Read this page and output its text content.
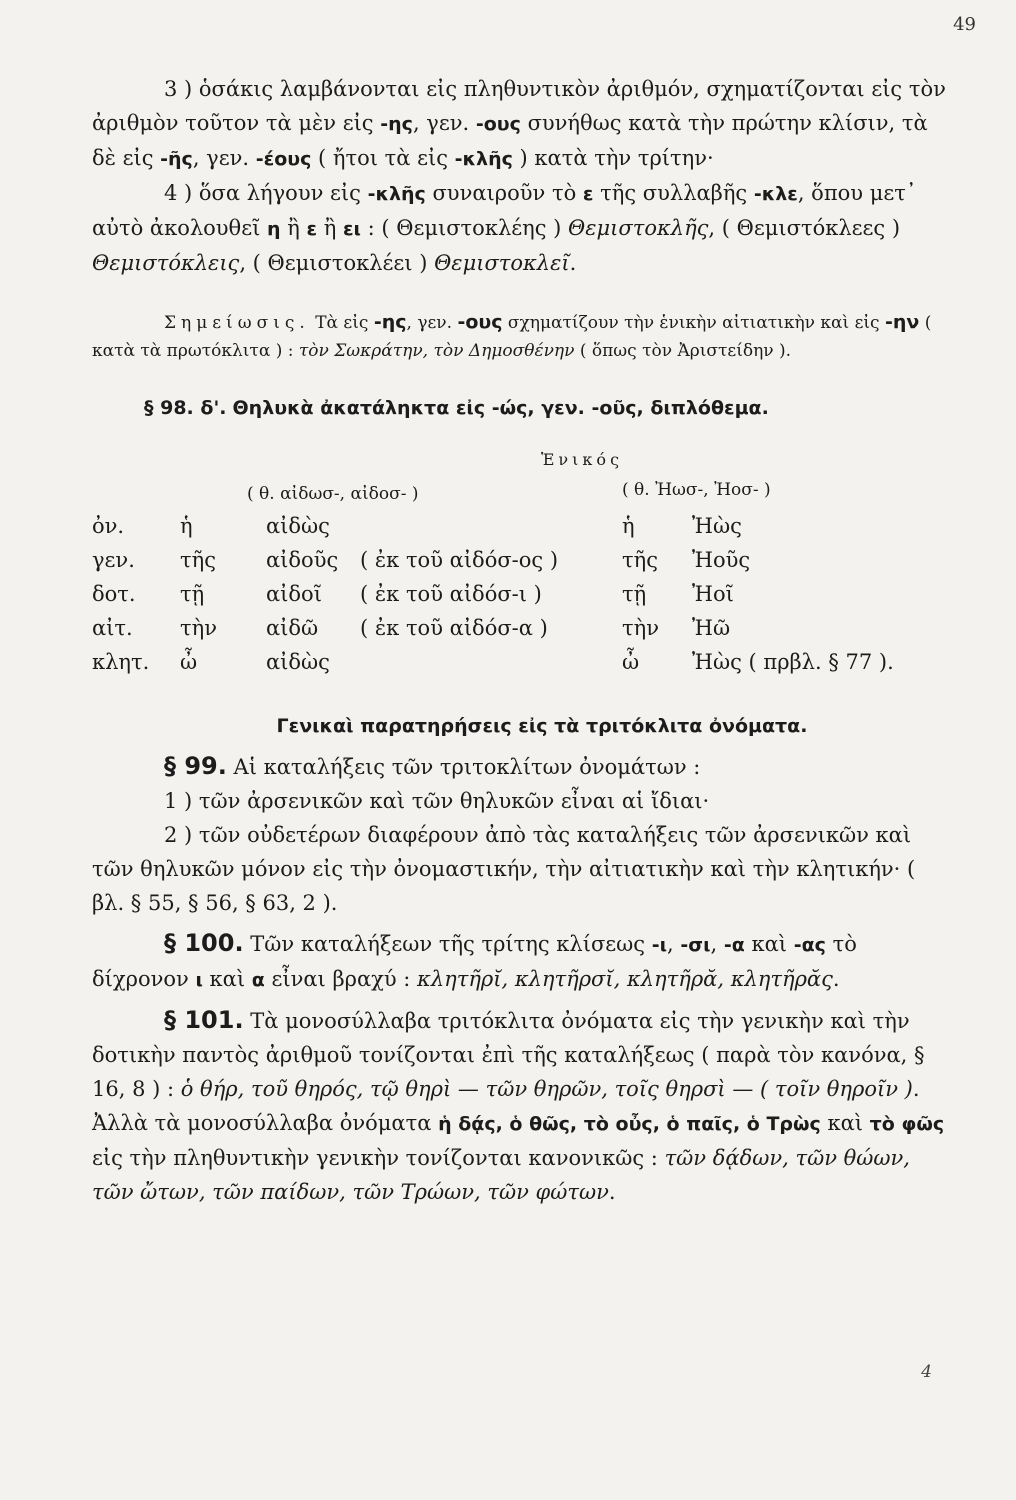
49

3 ) ὁσάκις λαμβάνονται εἰς πληθυντικὸν ἀριθμόν, σχηματίζονται εἰς τὸν ἀριθμὸν τοῦτον τὰ μὲν εἰς -ης, γεν. -ους συνήθως κατὰ τὴν πρώτην κλίσιν, τὰ δὲ εἰς -ῆς, γεν. -έους ( ἤτοι τὰ εἰς -κλῆς ) κατὰ τὴν τρίτην·

4 ) ὅσα λήγουν εἰς -κλῆς συναιροῦν τὸ ε τῆς συλλαβῆς -κλε, ὅπου μετ᾽ αὐτὸ ἀκολουθεῖ η ἢ ε ἢ ει : ( Θεμιστοκλέης ) Θεμιστοκλῆς, ( Θεμιστόκλεες ) Θεμιστόκλεις, ( Θεμιστοκλέει ) Θεμιστοκλεῖ.

Σημείωσις. Τὰ εἰς -ης, γεν. -ους σχηματίζουν τὴν ἑνικὴν αἰτιατικὴν καὶ εἰς -ην ( κατὰ τὰ πρωτόκλιτα ) : τὸν Σωκράτην, τὸν Δημοσθένην ( ὅπως τὸν Ἀριστείδην ).

§ 98. δ'. Θηλυκὰ ἀκατάληκτα εἰς -ώς, γεν. -οῦς, διπλόθεμα.

Ἑνικός
( θ. αἰδωσ-, αἰδοσ- )	( θ. Ἠωσ-, Ἠοσ- )
ὀν.	ἡ	αἰδὼς		ἡ	Ἠὼς
γεν.	τῆς	αἰδοῦς	( ἐκ τοῦ αἰδόσ-ος )	τῆς	Ἠοῦς
δοτ.	τῇ	αἰδοῖ	( ἐκ τοῦ αἰδόσ-ι )	τῇ	Ἠοῖ
αἰτ.	τὴν	αἰδῶ	( ἐκ τοῦ αἰδόσ-α )	τὴν	Ἠῶ
κλητ.	ὦ	αἰδὼς		ὦ	Ἠὼς ( πρβλ. § 77 ).

Γενικαὶ παρατηρήσεις εἰς τὰ τριτόκλιτα ὀνόματα.

§ 99. Αἱ καταλήξεις τῶν τριτοκλίτων ὀνομάτων :

1 ) τῶν ἀρσενικῶν καὶ τῶν θηλυκῶν εἶναι αἱ ἴδιαι·

2 ) τῶν οὐδετέρων διαφέρουν ἀπὸ τὰς καταλήξεις τῶν ἀρσενικῶν καὶ τῶν θηλυκῶν μόνον εἰς τὴν ὀνομαστικήν, τὴν αἰτιατικὴν καὶ τὴν κλητικήν· ( βλ. § 55, § 56, § 63, 2 ).

§ 100. Τῶν καταλήξεων τῆς τρίτης κλίσεως -ι, -σι, -α καὶ -ας τὸ δίχρονον ι καὶ α εἶναι βραχύ : κλητῆρῐ, κλητῆρσῐ, κλητῆρᾰ, κλητῆρᾰς.

§ 101. Τὰ μονοσύλλαβα τριτόκλιτα ὀνόματα εἰς τὴν γενικὴν καὶ τὴν δοτικὴν παντὸς ἀριθμοῦ τονίζονται ἐπὶ τῆς καταλήξεως ( παρὰ τὸν κανόνα, § 16, 8 ) : ὁ θήρ, τοῦ θηρός, τῷ θηρὶ — τῶν θηρῶν, τοῖς θηρσὶ — ( τοῖν θηροῖν ). Ἀλλὰ τὰ μονοσύλλαβα ὀνόματα ἡ δᾴς, ὁ θῶς, τὸ οὖς, ὁ παῖς, ὁ Τρὼς καὶ τὸ φῶς εἰς τὴν πληθυντικὴν γενικὴν τονίζονται κανονικῶς : τῶν δᾴδων, τῶν θώων, τῶν ὤτων, τῶν παίδων, τῶν Τρώων, τῶν φώτων.

4
